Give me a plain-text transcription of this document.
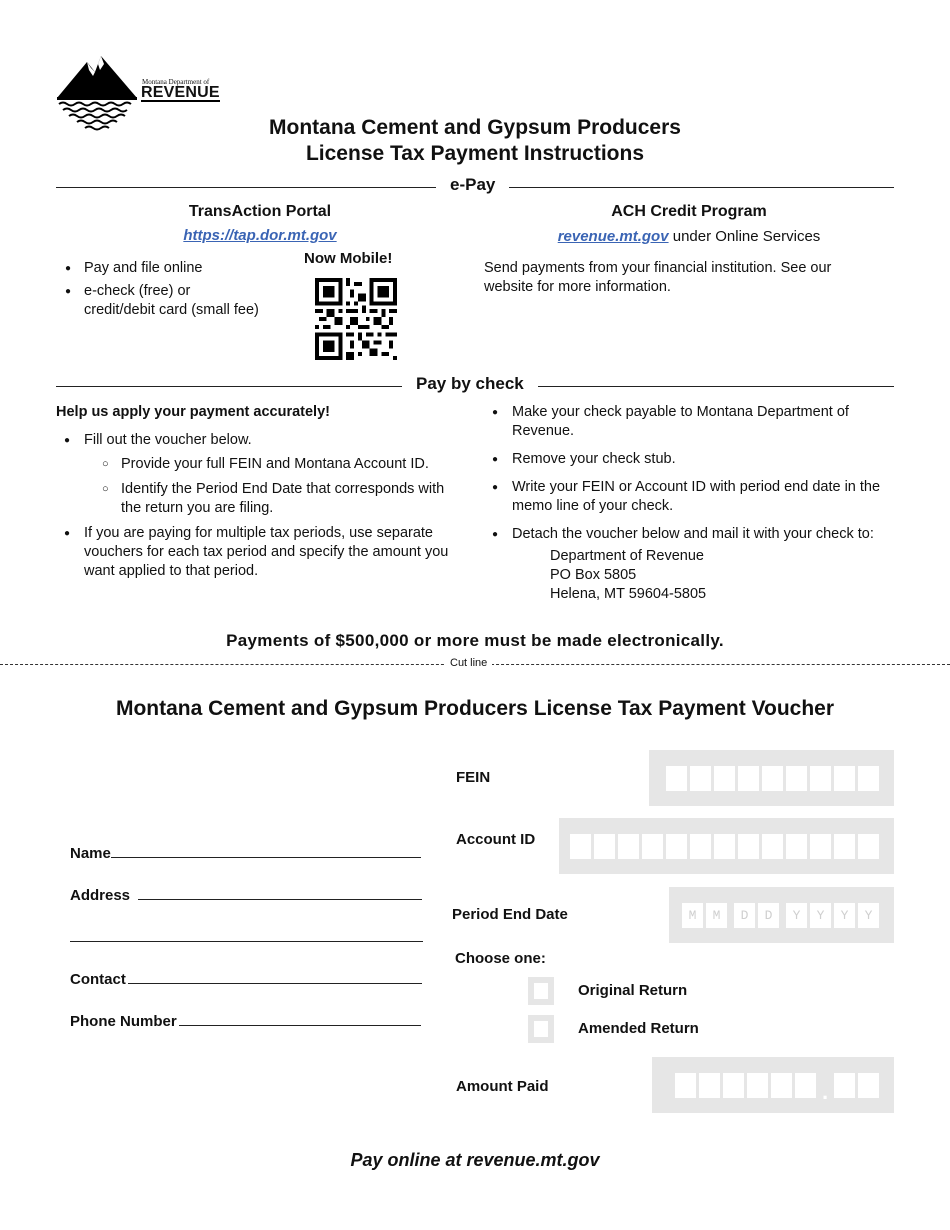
Montana Department of
REVENUE
Montana Cement and Gypsum Producers
License Tax Payment Instructions
e-Pay
TransAction Portal
https://tap.dor.mt.gov
● Pay and file online
● e-check (free) or
credit/debit card (small fee)
Now Mobile!
ACH Credit Program
revenue.mt.gov under Online Services
Send payments from your financial institution. See our website for more information.
Pay by check
Help us apply your payment accurately!
● Fill out the voucher below.
○ Provide your full FEIN and Montana Account ID.
○ Identify the Period End Date that corresponds with the return you are filing.
● If you are paying for multiple tax periods, use separate vouchers for each tax period and specify the amount you want applied to that period.
● Make your check payable to Montana Department of Revenue.
● Remove your check stub.
● Write your FEIN or Account ID with period end date in the memo line of your check.
● Detach the voucher below and mail it with your check to:
Department of Revenue
PO Box 5805
Helena, MT 59604-5805
Payments of $500,000 or more must be made electronically.
Cut line
Montana Cement and Gypsum Producers License Tax Payment Voucher
FEIN
Account ID
Period End Date	M	M	D	D	Y	Y	Y	Y
Choose one:
Original Return
Amended Return
Amount Paid	.
Name
Address
Contact
Phone Number
Pay online at revenue.mt.gov
